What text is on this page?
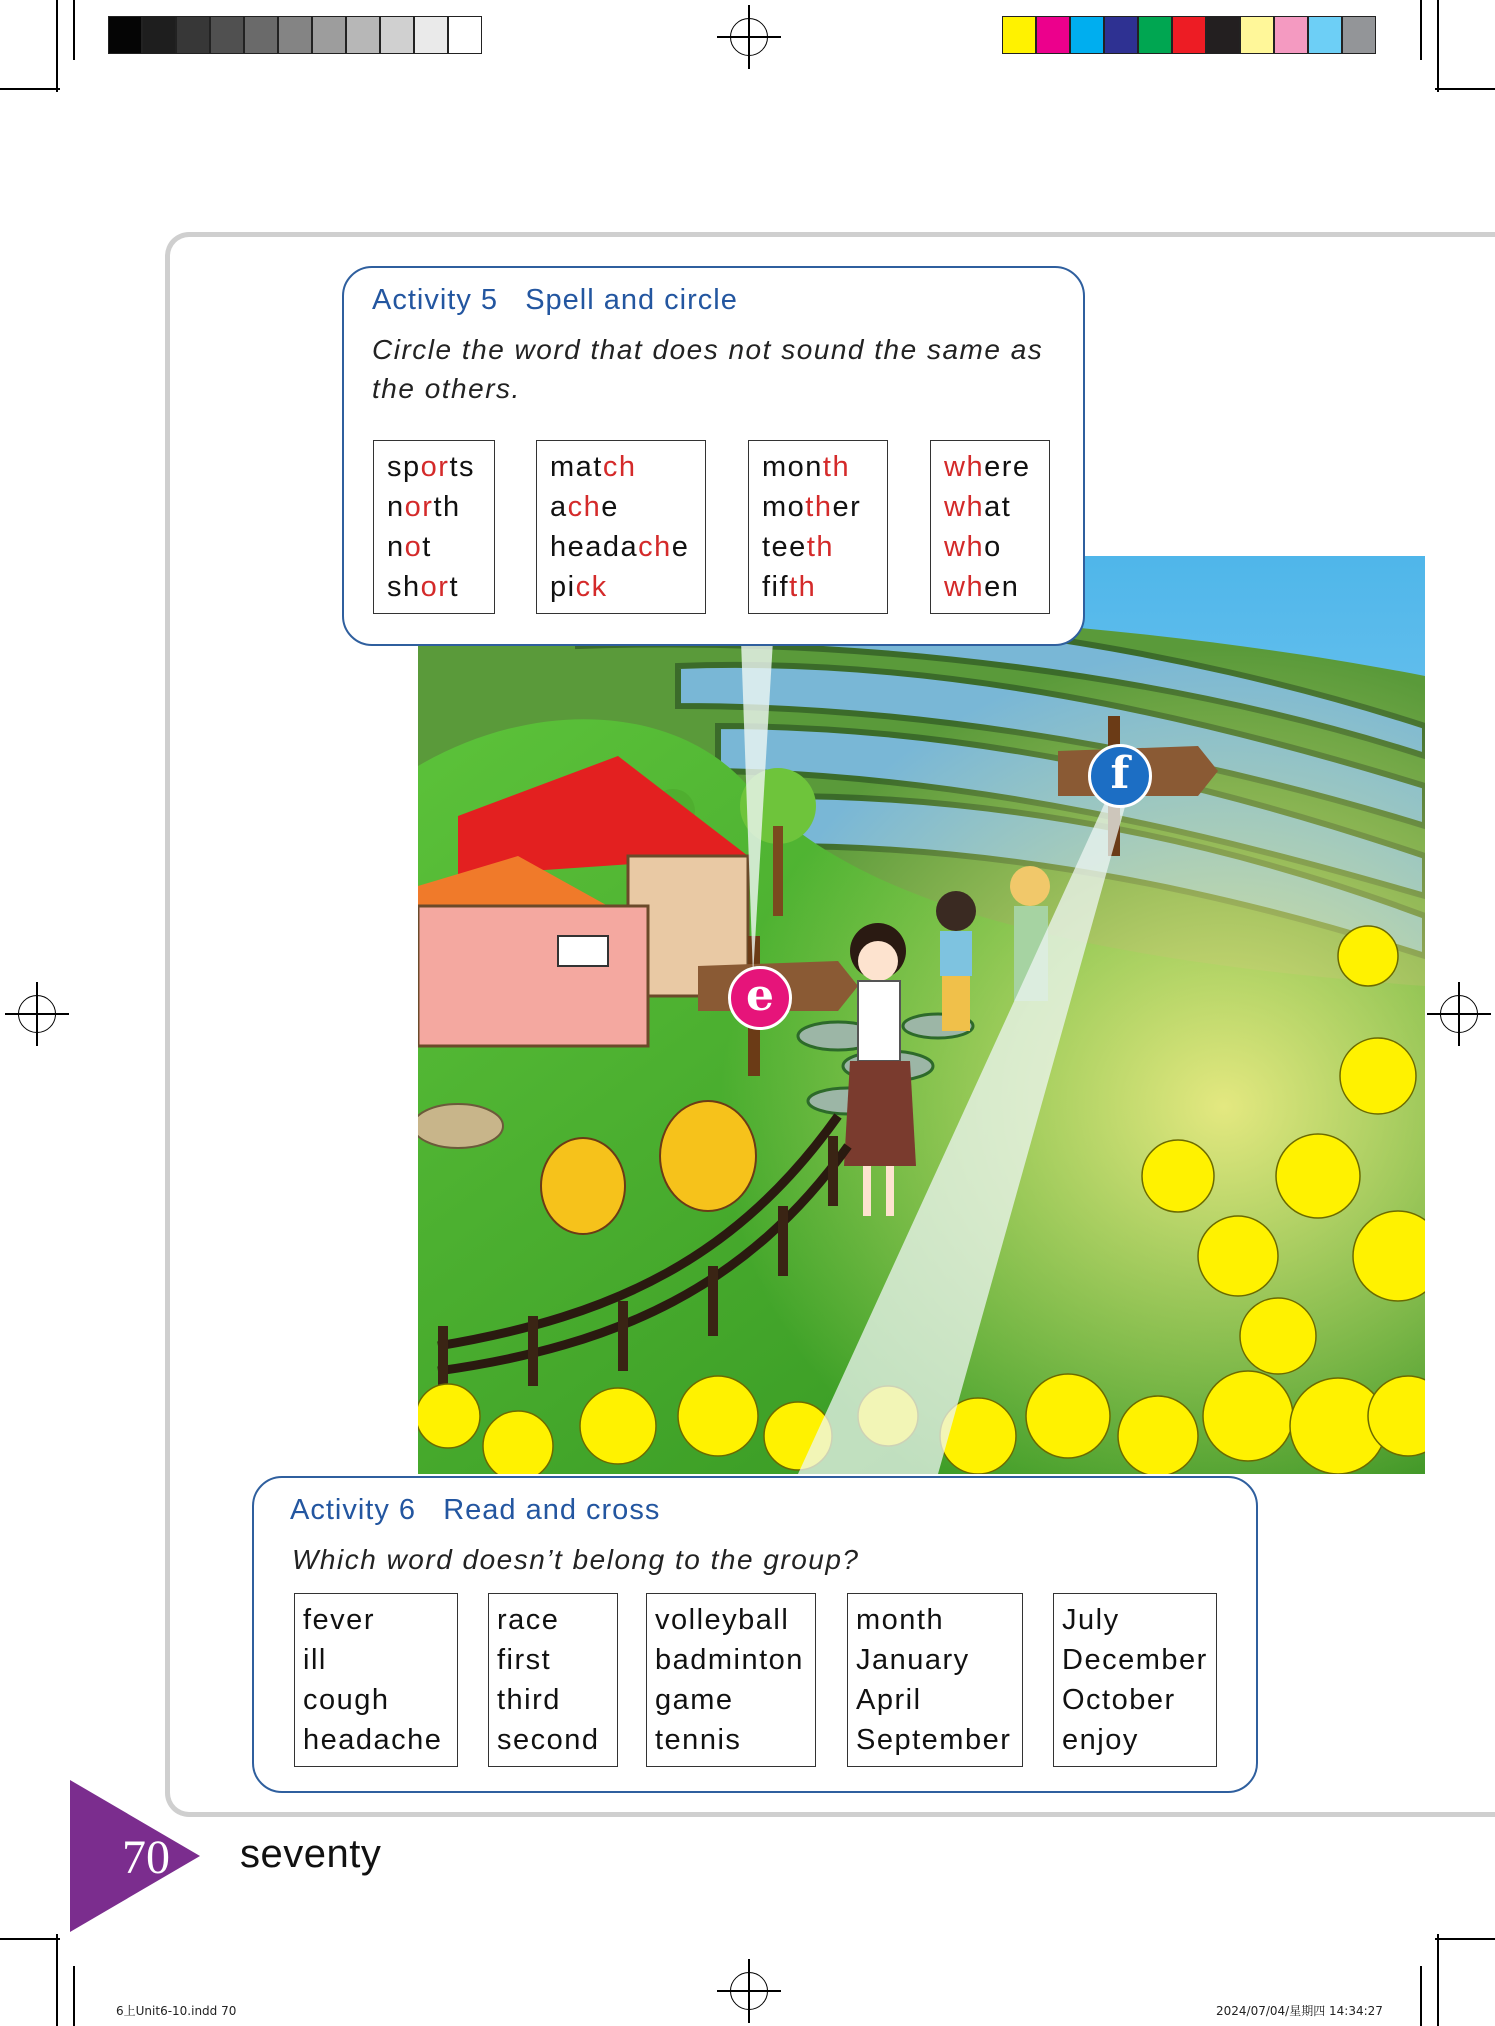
e
f
Activity 5   Spell and circle
Circle the word that does not sound the same as the others.
sports
north
not
short
match
ache
headache
pick
month
mother
teeth
fifth
where
what
who
when
Activity 6   Read and cross
Which word doesn’t belong to the group?
fever
ill
cough
headache
race
first
third
second
volleyball
badminton
game
tennis
month
January
April
September
July
December
October
enjoy
70 seventy
6上Unit6-10.indd 70	2024/07/04/星期四 14:34:27
